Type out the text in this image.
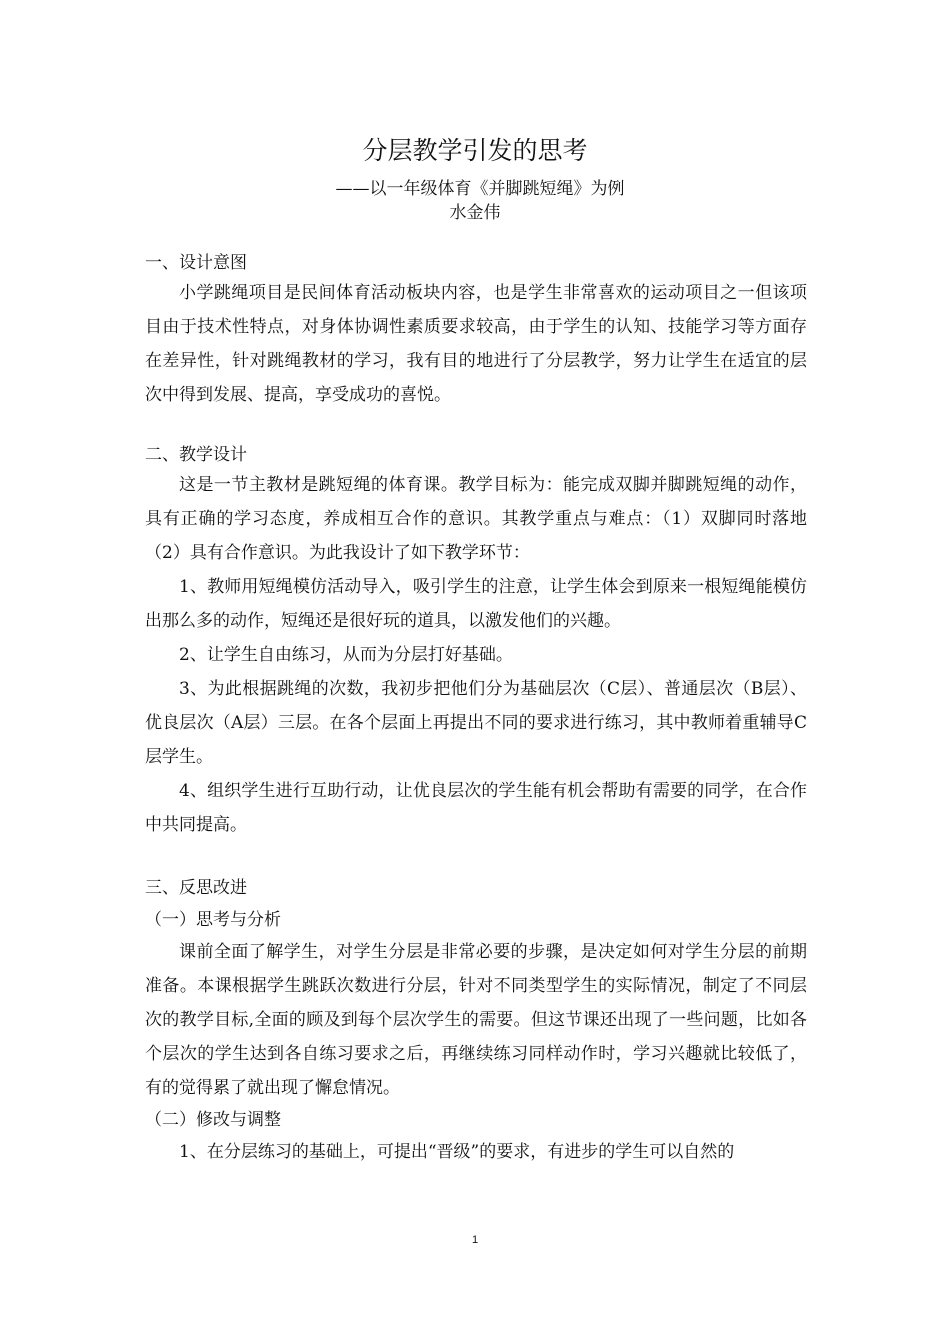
分层教学引发的思考
——以一年级体育《并脚跳短绳》为例
水金伟

一、设计意图

小学跳绳项目是民间体育活动板块内容，也是学生非常喜欢的运动项目之一但该项目由于技术性特点，对身体协调性素质要求较高，由于学生的认知、技能学习等方面存在差异性，针对跳绳教材的学习，我有目的地进行了分层教学，努力让学生在适宜的层次中得到发展、提高，享受成功的喜悦。

二、教学设计

这是一节主教材是跳短绳的体育课。教学目标为：能完成双脚并脚跳短绳的动作，具有正确的学习态度，养成相互合作的意识。其教学重点与难点：（1）双脚同时落地（2）具有合作意识。为此我设计了如下教学环节：

1、教师用短绳模仿活动导入，吸引学生的注意，让学生体会到原来一根短绳能模仿出那么多的动作，短绳还是很好玩的道具，以激发他们的兴趣。

2、让学生自由练习，从而为分层打好基础。

3、为此根据跳绳的次数，我初步把他们分为基础层次（C层）、普通层次（B层）、优良层次（A层）三层。在各个层面上再提出不同的要求进行练习，其中教师着重辅导C层学生。

4、组织学生进行互助行动，让优良层次的学生能有机会帮助有需要的同学，在合作中共同提高。

三、反思改进

（一）思考与分析

课前全面了解学生，对学生分层是非常必要的步骤，是决定如何对学生分层的前期准备。本课根据学生跳跃次数进行分层，针对不同类型学生的实际情况，制定了不同层次的教学目标,全面的顾及到每个层次学生的需要。但这节课还出现了一些问题，比如各个层次的学生达到各自练习要求之后，再继续练习同样动作时，学习兴趣就比较低了，有的觉得累了就出现了懈怠情况。

（二）修改与调整

1、在分层练习的基础上，可提出“晋级”的要求，有进步的学生可以自然的

1
